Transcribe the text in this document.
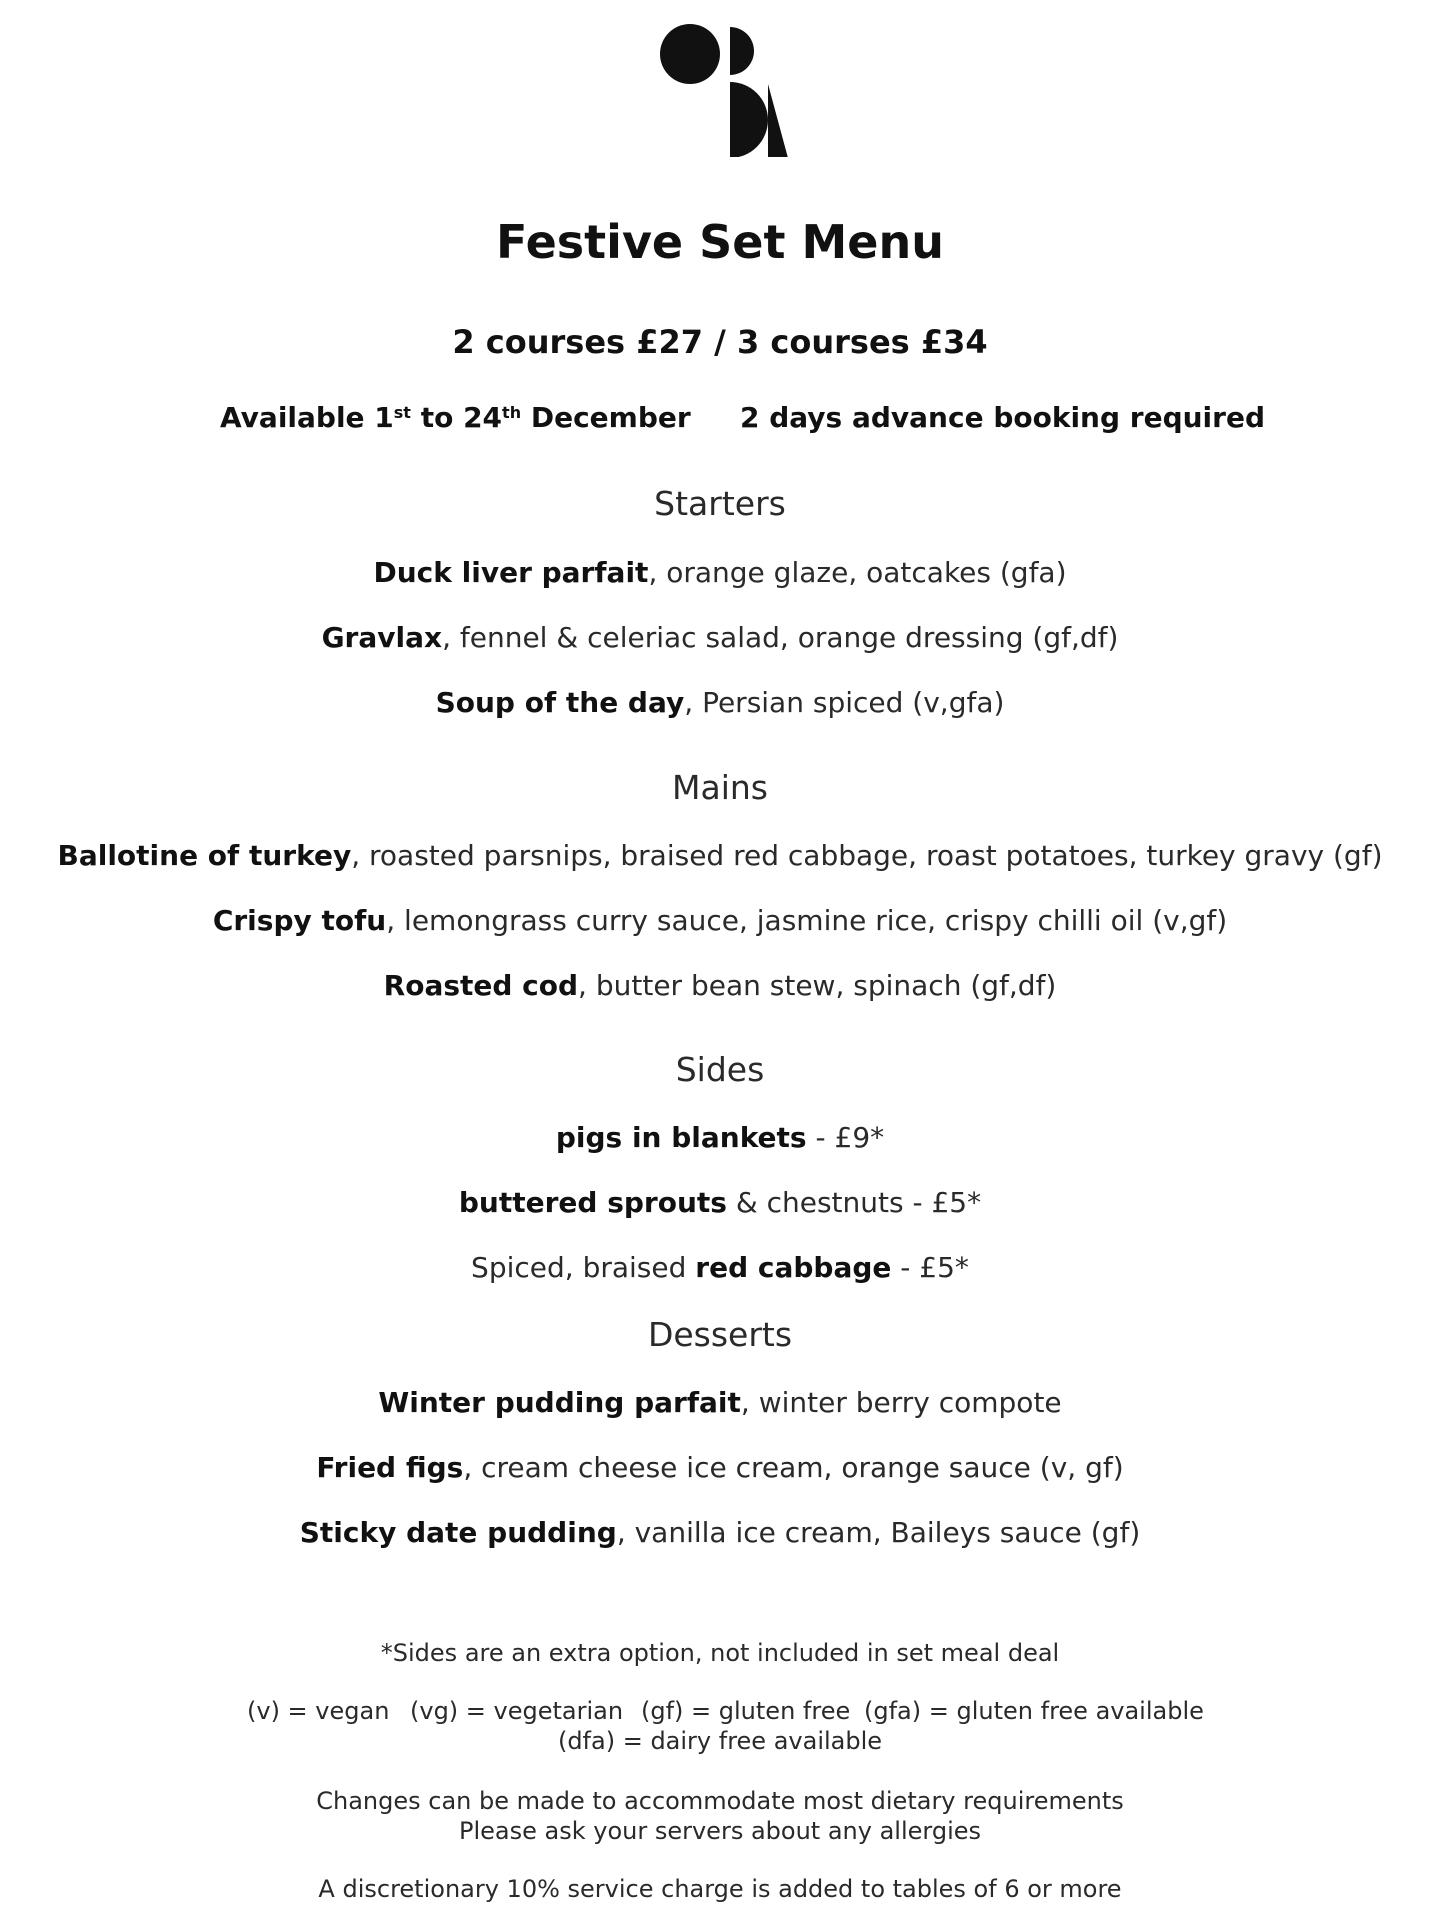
Festive Set Menu
2 courses £27 / 3 courses £34
Available 1st to 24th December 2 days advance booking required
Starters
Duck liver parfait, orange glaze, oatcakes (gfa)
Gravlax, fennel & celeriac salad, orange dressing (gf,df)
Soup of the day, Persian spiced (v,gfa)
Mains
Ballotine of turkey, roasted parsnips, braised red cabbage, roast potatoes, turkey gravy (gf)
Crispy tofu, lemongrass curry sauce, jasmine rice, crispy chilli oil (v,gf)
Roasted cod, butter bean stew, spinach (gf,df)
Sides
pigs in blankets - £9*
buttered sprouts & chestnuts - £5*
Spiced, braised red cabbage - £5*
Desserts
Winter pudding parfait, winter berry compote
Fried figs, cream cheese ice cream, orange sauce (v, gf)
Sticky date pudding, vanilla ice cream, Baileys sauce (gf)
*Sides are an extra option, not included in set meal deal
(v) = vegan (vg) = vegetarian (gf) = gluten free (gfa) = gluten free available
(dfa) = dairy free available
Changes can be made to accommodate most dietary requirements
Please ask your servers about any allergies
A discretionary 10% service charge is added to tables of 6 or more
